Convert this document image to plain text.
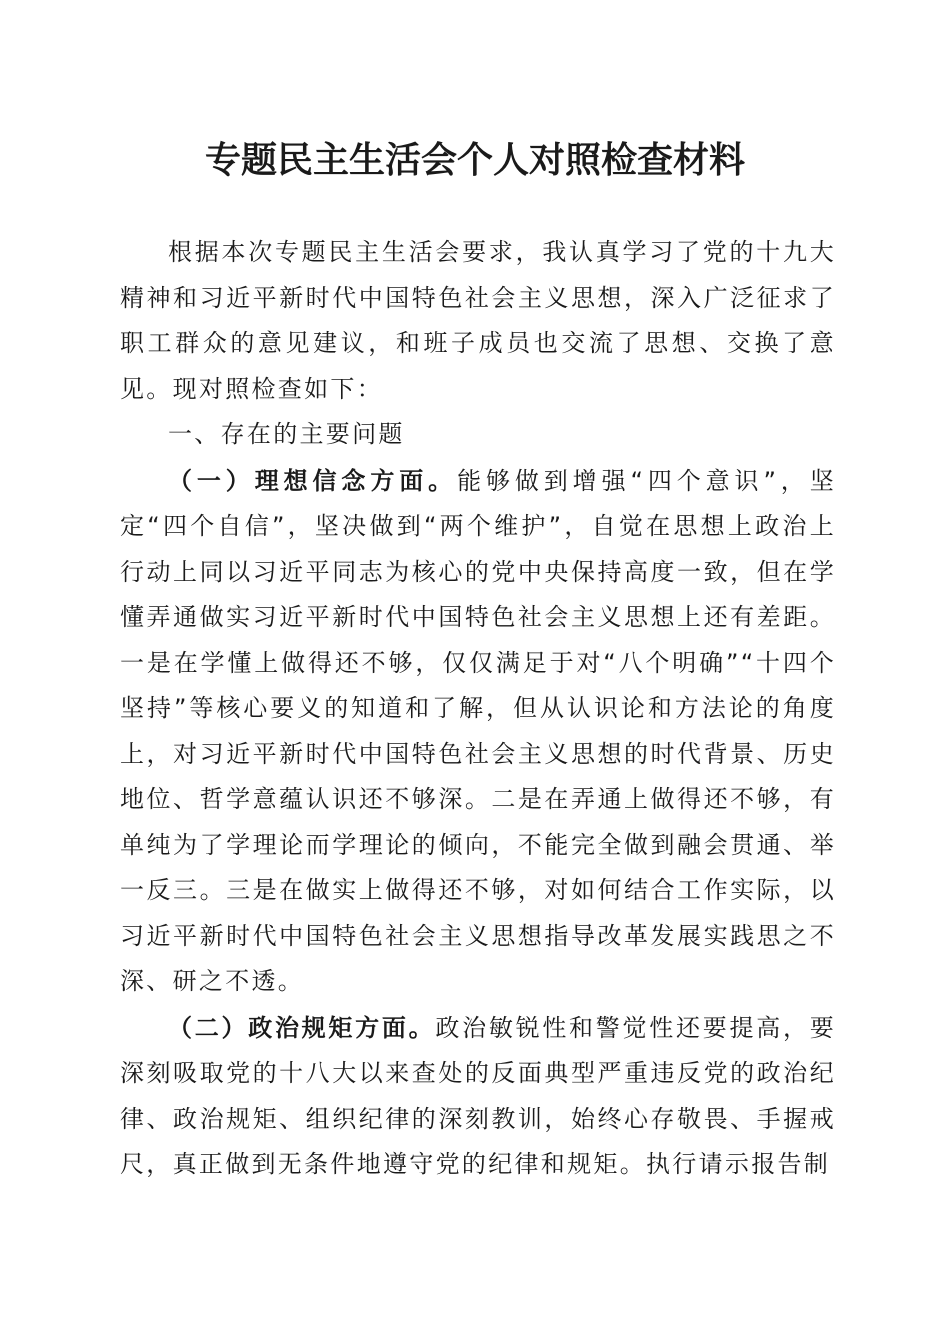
专题民主生活会个人对照检查材料

根据本次专题民主生活会要求，我认真学习了党的十九大精神和习近平新时代中国特色社会主义思想，深入广泛征求了职工群众的意见建议，和班子成员也交流了思想、交换了意见。现对照检查如下：

一、存在的主要问题

（一）理想信念方面。能够做到增强“四个意识”，坚定“四个自信”，坚决做到“两个维护”，自觉在思想上政治上行动上同以习近平同志为核心的党中央保持高度一致，但在学懂弄通做实习近平新时代中国特色社会主义思想上还有差距。一是在学懂上做得还不够，仅仅满足于对“八个明确”“十四个坚持”等核心要义的知道和了解，但从认识论和方法论的角度上，对习近平新时代中国特色社会主义思想的时代背景、历史地位、哲学意蕴认识还不够深。二是在弄通上做得还不够，有单纯为了学理论而学理论的倾向，不能完全做到融会贯通、举一反三。三是在做实上做得还不够，对如何结合工作实际，以习近平新时代中国特色社会主义思想指导改革发展实践思之不深、研之不透。

（二）政治规矩方面。政治敏锐性和警觉性还要提高，要深刻吸取党的十八大以来查处的反面典型严重违反党的政治纪律、政治规矩、组织纪律的深刻教训，始终心存敬畏、手握戒尺，真正做到无条件地遵守党的纪律和规矩。执行请示报告制
